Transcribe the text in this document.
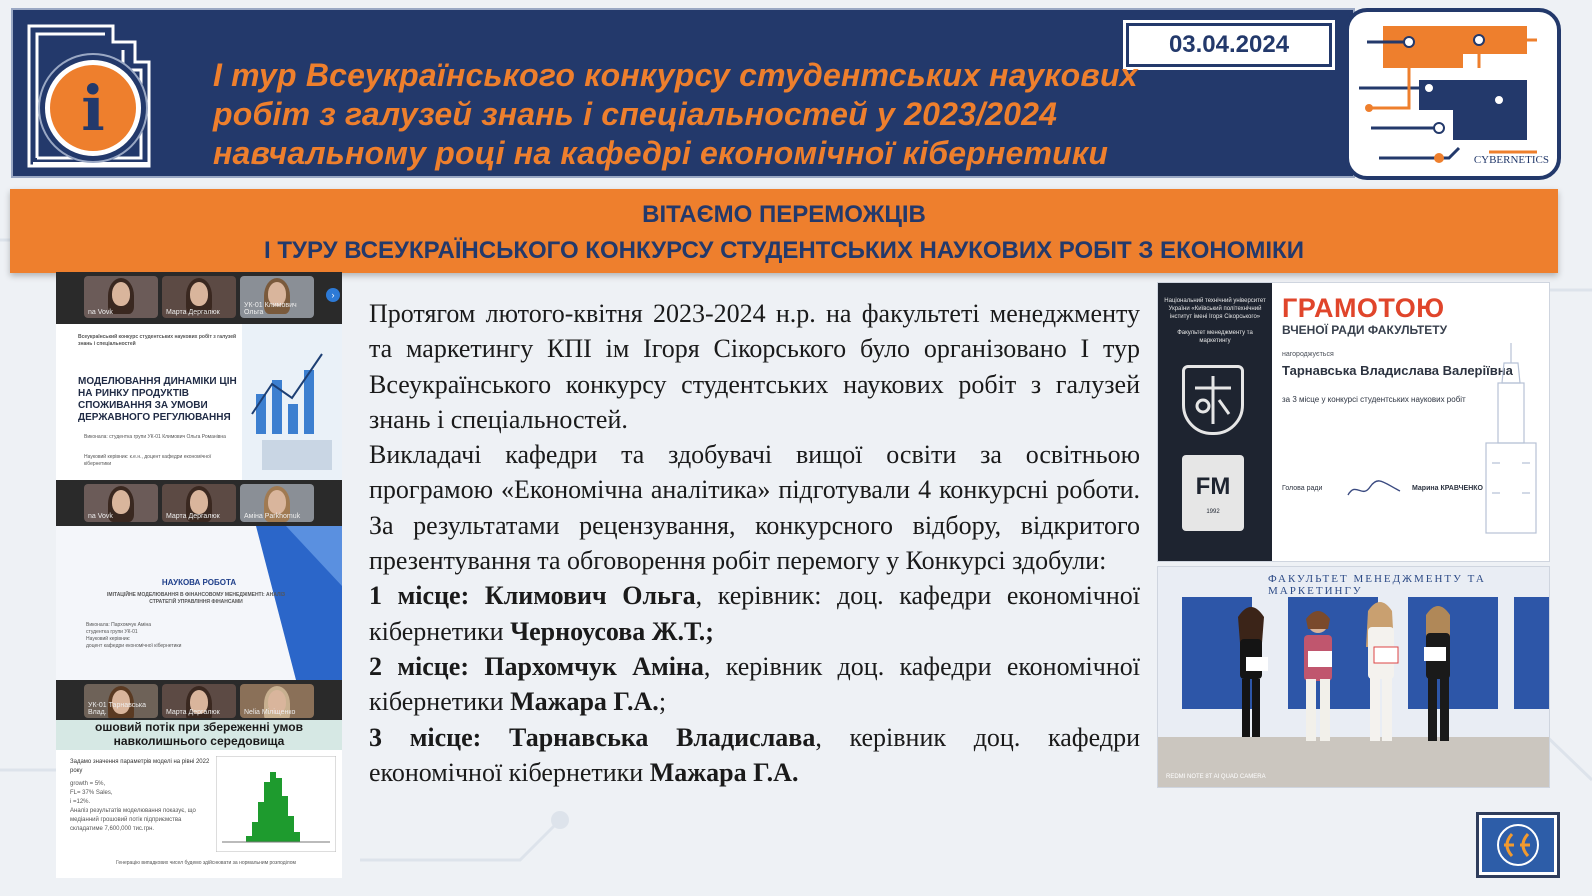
i
03.04.2024
І тур Всеукраїнського конкурсу студентських наукових
робіт з галузей знань і спеціальностей у 2023/2024
навчальному році на кафедрі економічної кібернетики	CYBERNETICS
ВІТАЄМО ПЕРЕМОЖЦІВ
І ТУРУ ВСЕУКРАЇНСЬКОГО КОНКУРСУ СТУДЕНТСЬКИХ НАУКОВИХ РОБІТ З ЕКОНОМІКИ
na Vovk	Марта Дергалюк
УК-01 Климович Ольга
›
Всеукраїнський конкурс студентських наукових робіт з галузей знань і спеціальностей
МОДЕЛЮВАННЯ ДИНАМІКИ ЦІН НА РИНКУ ПРОДУКТІВ СПОЖИВАННЯ ЗА УМОВИ ДЕРЖАВНОГО РЕГУЛЮВАННЯ
Виконала: студентка групи УК-01 Климович Ольга Романівна
Науковий керівник: к.е.н., доцент кафедри економічної кібернетики
na Vovk	Марта Дергалюк	Аміна Parkhomuk
НАУКОВА РОБОТА
ІМІТАЦІЙНЕ МОДЕЛЮВАННЯ В ФІНАНСОВОМУ МЕНЕДЖМЕНТІ: АНАЛІЗ СТРАТЕГІЙ УПРАВЛІННЯ ФІНАНСАМИ
Виконала: Пархомчук Аміна
студентка групи УК-01
Науковий керівник:
доцент кафедри економічної кібернетики
УК-01 Тарнавська Влад.	Марта Дергалюк	Nelia Міліщенко
ошовий потік при збереженні умов навколишнього середовища
Задамо значення параметрів моделі на рівні 2022 року
growth = 5%,
FL= 37% Sales,
i =12%.
Аналіз результатів моделювання показує, що медіанний грошовий потік підприємства складатиме 7,600,000 тис.грн.
Генерацію випадкових чисел будемо здійснювати за нормальним розподілом

Протягом лютого-квітня 2023-2024 н.р. на факультеті менеджменту та маркетингу КПІ ім Ігоря Сікорського було організовано І тур Всеукраїнського конкурсу студентських наукових робіт з галузей знань і спеціальностей.

Викладачі кафедри та здобувачі вищої освіти за освітньою програмою «Економічна аналітика» підготували 4 конкурсні роботи. За результатами рецензування, конкурсного відбору, відкритого презентування та обговорення робіт перемогу у Конкурсі здобули:

1 місце: Климович Ольга, керівник: доц. кафедри економічної кібернетики Черноусова Ж.Т.;

2 місце: Пархомчук Аміна, керівник доц. кафедри економічної кібернетики Мажара Г.А.;

3 місце: Тарнавська Владислава, керівник доц. кафедри економічної кібернетики Мажара Г.А.

Національний технічний університет України «Київський політехнічний інститут імені Ігоря Сікорського»

Факультет менеджменту та маркетингу
FM
1992
ГРАМОТОЮ
ВЧЕНОЇ РАДИ ФАКУЛЬТЕТУ
нагороджується
Тарнавська Владислава Валеріївна
за 3 місце у конкурсі студентських наукових робіт
Голова ради	Марина КРАВЧЕНКО
ФАКУЛЬТЕТ МЕНЕДЖМЕНТУ ТА МАРКЕТИНГУ
REDMI NOTE 8T AI QUAD CAMERA
